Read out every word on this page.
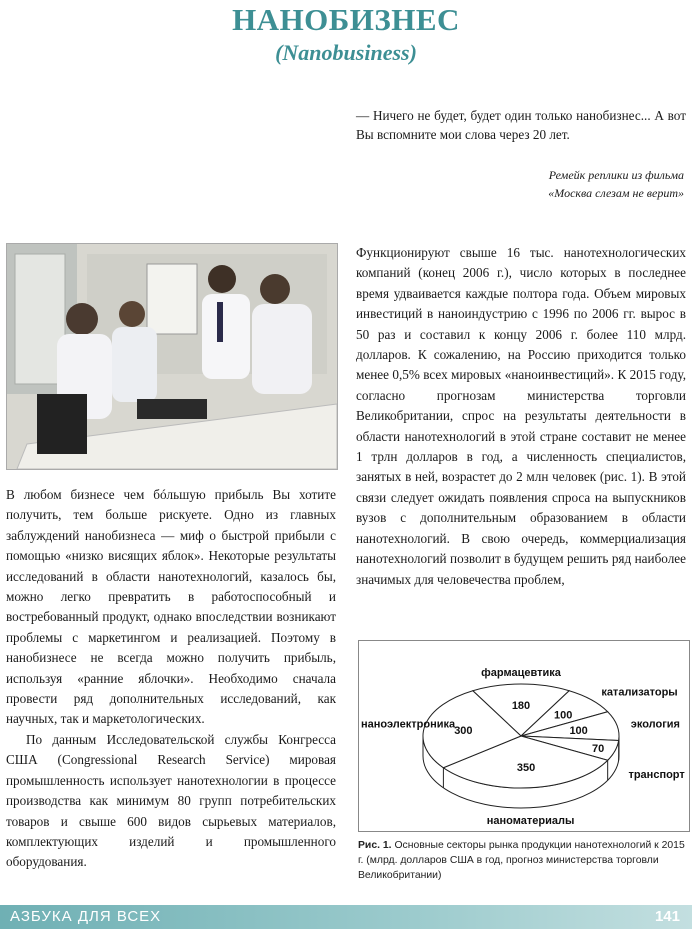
НАНОБИЗНЕС
(Nanobusiness)

— Ничего не будет, будет один только нанобизнес... А вот Вы вспомните мои слова через 20 лет.

Ремейк реплики из фильма
«Москва слезам не верит»

В любом бизнесе чем бóльшую прибыль Вы хотите получить, тем больше рискуете. Одно из главных заблуждений нанобизнеса — миф о быстрой прибыли с помощью «низко висящих яблок». Некоторые результаты исследований в области нанотехнологий, казалось бы, можно легко превратить в работоспособный и востребованный продукт, однако впоследствии возникают проблемы с маркетингом и реализацией. Поэтому в нанобизнесе не всегда можно получить прибыль, используя «ранние яблочки». Необходимо сначала провести ряд дополнительных исследований, как научных, так и маркетологических.

По данным Исследовательской службы Конгресса США (Congressional Research Service) мировая промышленность использует нанотехнологии в процессе производства как минимум 80 групп потребительских товаров и свыше 600 видов сырьевых материалов, комплектующих изделий и промышленного оборудования.

Функционируют свыше 16 тыс. нанотехнологических компаний (конец 2006 г.), число которых в последнее время удваивается каждые полтора года. Объем мировых инвестиций в наноиндустрию с 1996 по 2006 гг. вырос в 50 раз и составил к концу 2006 г. более 110 млрд. долларов. К сожалению, на Россию приходится только менее 0,5% всех мировых «наноинвестиций». К 2015 году, согласно прогнозам министерства торговли Великобритании, спрос на результаты деятельности в области нанотехнологий в этой стране составит не менее 1 трлн долларов в год, а численность специалистов, занятых в ней, возрастет до 2 млн человек (рис. 1). В этой связи следует ожидать появления спроса на выпускников вузов с дополнительным образованием в области нанотехнологий. В свою очередь, коммерциализация нанотехнологий позволит в будущем решить ряд наиболее значимых для человечества проблем,

180
фармацевтика
100
катализаторы
100
экология
70
транспорт
350
наноматериалы
300
наноэлектроника
Рис. 1. Основные секторы рынка продукции нанотехнологий к 2015 г. (млрд. долларов США в год, прогноз министерства торговли Великобритании)
АЗБУКА ДЛЯ ВСЕХ	141
